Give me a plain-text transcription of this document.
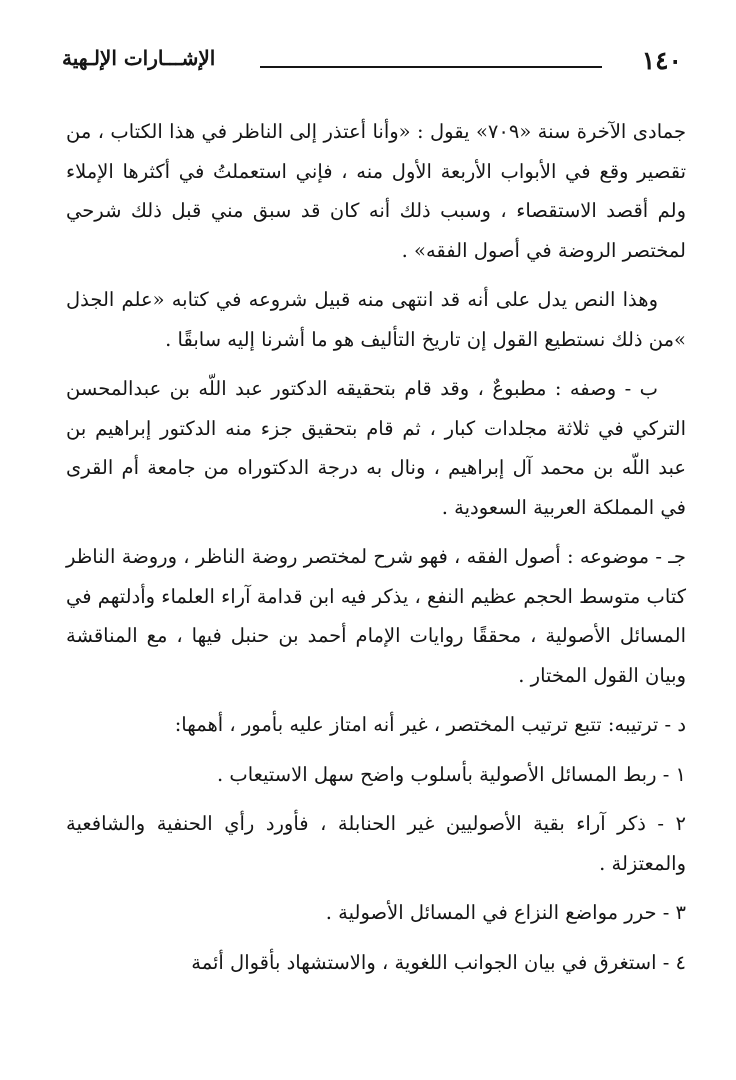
١٤٠
الإشـــارات الإلـهية

جمادى الآخرة سنة «٧٠٩» يقول : «وأنا أعتذر إلى الناظر في هذا الكتاب ، من تقصير وقع في الأبواب الأربعة الأول منه ، فإني استعملتُ في أكثرها الإملاء ولم أقصد الاستقصاء ، وسبب ذلك أنه كان قد سبق مني قبل ذلك شرحي لمختصر الروضة في أصول الفقه» .

وهذا النص يدل على أنه قد انتهى منه قبيل شروعه في كتابه «علم الجذل »من ذلك نستطيع القول إن تاريخ التأليف هو ما أشرنا إليه سابقًا .

ب - وصفه : مطبوعٌ ، وقد قام بتحقيقه الدكتور عبد اللّه بن عبدالمحسن التركي في ثلاثة مجلدات كبار ، ثم قام بتحقيق جزء منه الدكتور إبراهيم بن عبد اللّه بن محمد آل إبراهيم ، ونال به درجة الدكتوراه من جامعة أم القرى في المملكة العربية السعودية .

جـ - موضوعه : أصول الفقه ، فهو شرح لمختصر روضة الناظر ، وروضة الناظر كتاب متوسط الحجم عظيم النفع ، يذكر فيه ابن قدامة آراء العلماء وأدلتهم في المسائل الأصولية ، محققًا روايات الإمام أحمد بن حنبل فيها ، مع المناقشة وبيان القول المختار .

د - ترتيبه: تتبع ترتيب المختصر ، غير أنه امتاز عليه بأمور ، أهمها:

١ - ربط المسائل الأصولية بأسلوب واضح سهل الاستيعاب .

٢ - ذكر آراء بقية الأصوليين غير الحنابلة ، فأورد رأي الحنفية والشافعية والمعتزلة .

٣ - حرر مواضع النزاع في المسائل الأصولية .

٤ - استغرق في بيان الجوانب اللغوية ، والاستشهاد بأقوال أئمة
